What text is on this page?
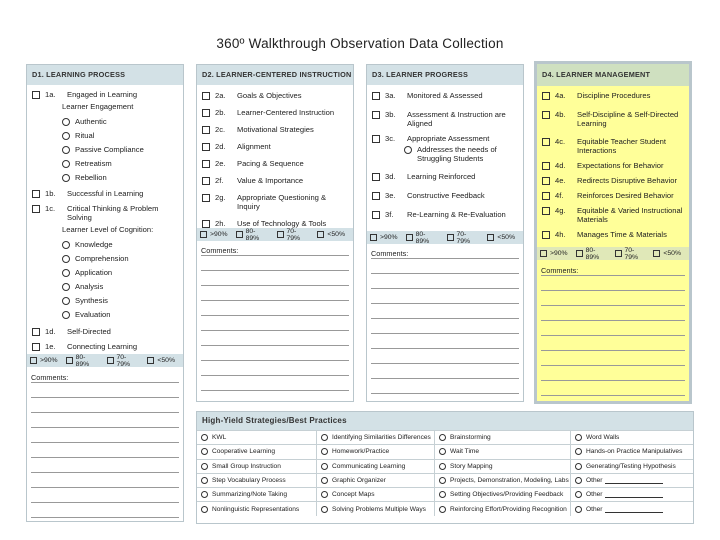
360º Walkthrough Observation Data Collection
D1. LEARNING PROCESS
1a.	Engaged in Learning
Learner Engagement
Authentic
Ritual
Passive Compliance
Retreatism
Rebellion
1b.	Successful in Learning
1c.	Critical Thinking & Problem Solving
Learner Level of Cognition:
Knowledge
Comprehension
Application
Analysis
Synthesis
Evaluation
1d.	Self-Directed
1e.	Connecting Learning
>90%	80-89%
70-79%	<50%
Comments:
D2. LEARNER-CENTERED INSTRUCTION
2a.	Goals & Objectives
2b.	Learner-Centered Instruction
2c.	Motivational Strategies
2d.	Alignment
2e.	Pacing & Sequence
2f.	Value & Importance
2g.	Appropriate Questioning & Inquiry
2h.	Use of Technology & Tools
>90%	80-89%
70-79%	<50%
Comments:
D3. LEARNER PROGRESS
3a.	Monitored & Assessed
3b.	Assessment & Instruction are Aligned
3c.	Appropriate Assessment
Addresses the needs of Struggling Students
3d.	Learning Reinforced
3e.	Constructive Feedback
3f.	Re-Learning & Re-Evaluation
>90%	80-89%
70-79%	<50%
Comments:
D4. LEARNER MANAGEMENT
4a.	Discipline Procedures
4b.	Self-Discipline & Self-Directed Learning
4c.	Equitable Teacher Student Interactions
4d.	Expectations for Behavior
4e.	Redirects Disruptive Behavior
4f.	Reinforces Desired Behavior
4g.	Equitable & Varied Instructional Materials
4h.	Manages Time & Materials
>90%	80-89%
70-79%	<50%
Comments:
High-Yield Strategies/Best Practices
KWL	Identifying Similarities Differences	Brainstorming	Word Walls
Cooperative Learning	Homework/Practice	Wait Time	Hands-on Practice Manipulatives
Small Group Instruction	Communicating Learning	Story Mapping	Generating/Testing Hypothesis
Step Vocabulary Process	Graphic Organizer	Projects, Demonstration, Modeling, Labs	Other
Summarizing/Note Taking	Concept Maps	Setting Objectives/Providing Feedback	Other
Nonlinguistic Representations	Solving Problems Multiple Ways	Reinforcing Effort/Providing Recognition	Other
